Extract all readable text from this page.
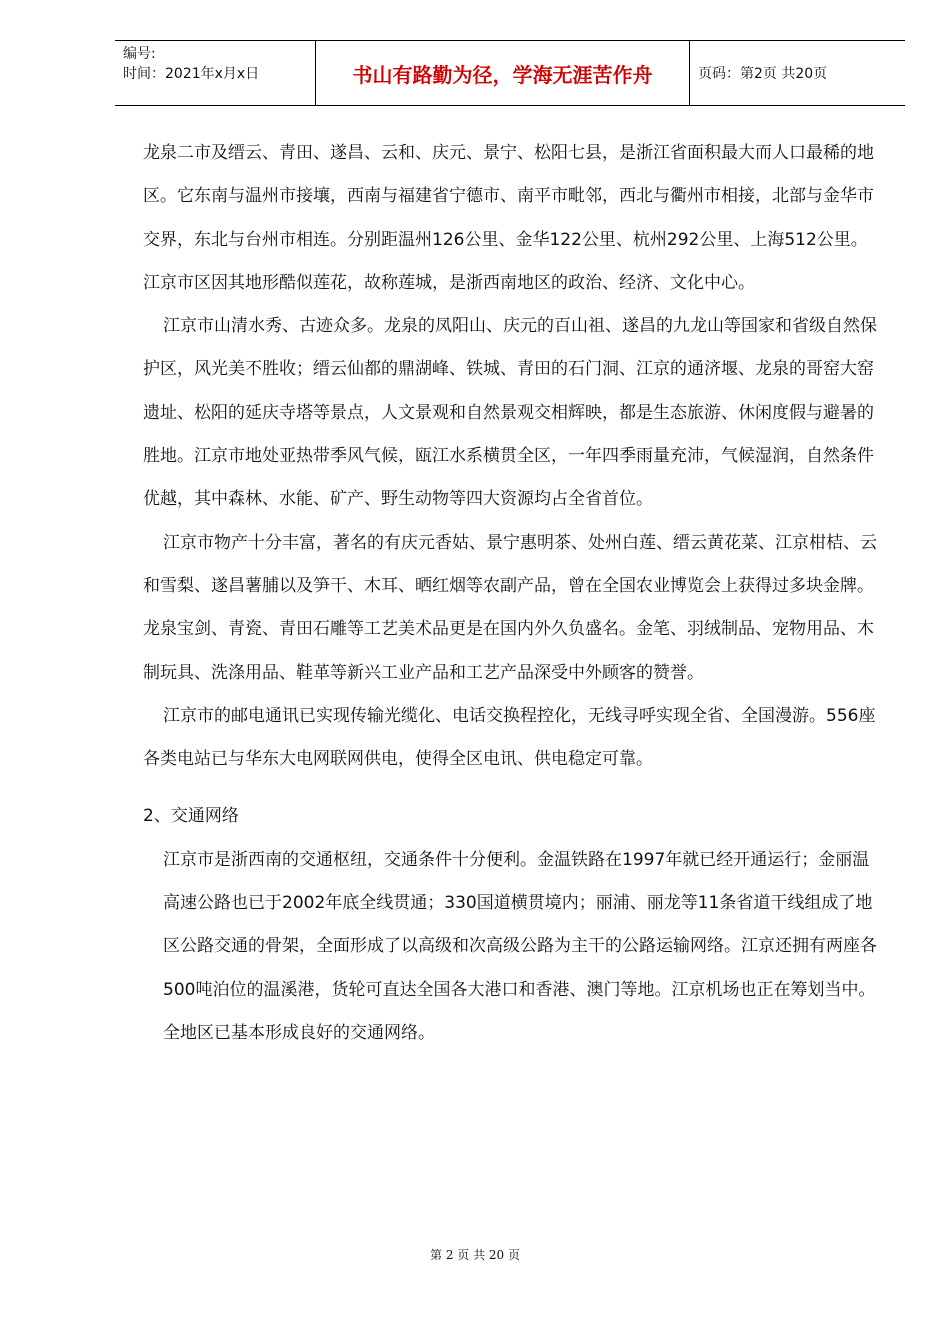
编号:
时间：2021年x月x日	书山有路勤为径，学海无涯苦作舟	页码：第2页 共20页

龙泉二市及缙云、青田、遂昌、云和、庆元、景宁、松阳七县，是浙江省面积最大而人口最稀的地区。它东南与温州市接壤，西南与福建省宁德市、南平市毗邻，西北与衢州市相接，北部与金华市交界，东北与台州市相连。分别距温州126公里、金华122公里、杭州292公里、上海512公里。江京市区因其地形酷似莲花，故称莲城，是浙西南地区的政治、经济、文化中心。

江京市山清水秀、古迹众多。龙泉的凤阳山、庆元的百山祖、遂昌的九龙山等国家和省级自然保护区，风光美不胜收；缙云仙都的鼎湖峰、铁城、青田的石门洞、江京的通济堰、龙泉的哥窑大窑遗址、松阳的延庆寺塔等景点，人文景观和自然景观交相辉映，都是生态旅游、休闲度假与避暑的胜地。江京市地处亚热带季风气候，瓯江水系横贯全区，一年四季雨量充沛，气候湿润，自然条件优越，其中森林、水能、矿产、野生动物等四大资源均占全省首位。

江京市物产十分丰富，著名的有庆元香姑、景宁惠明茶、处州白莲、缙云黄花菜、江京柑桔、云和雪梨、遂昌薯脯以及笋干、木耳、晒红烟等农副产品，曾在全国农业博览会上获得过多块金牌。龙泉宝剑、青瓷、青田石雕等工艺美术品更是在国内外久负盛名。金笔、羽绒制品、宠物用品、木制玩具、洗涤用品、鞋革等新兴工业产品和工艺产品深受中外顾客的赞誉。

江京市的邮电通讯已实现传输光缆化、电话交换程控化，无线寻呼实现全省、全国漫游。556座各类电站已与华东大电网联网供电，使得全区电讯、供电稳定可靠。

2、交通网络

江京市是浙西南的交通枢纽，交通条件十分便利。金温铁路在1997年就已经开通运行；金丽温高速公路也已于2002年底全线贯通；330国道横贯境内；丽浦、丽龙等11条省道干线组成了地区公路交通的骨架，全面形成了以高级和次高级公路为主干的公路运输网络。江京还拥有两座各500吨泊位的温溪港，货轮可直达全国各大港口和香港、澳门等地。江京机场也正在筹划当中。全地区已基本形成良好的交通网络。

第 2 页 共 20 页
